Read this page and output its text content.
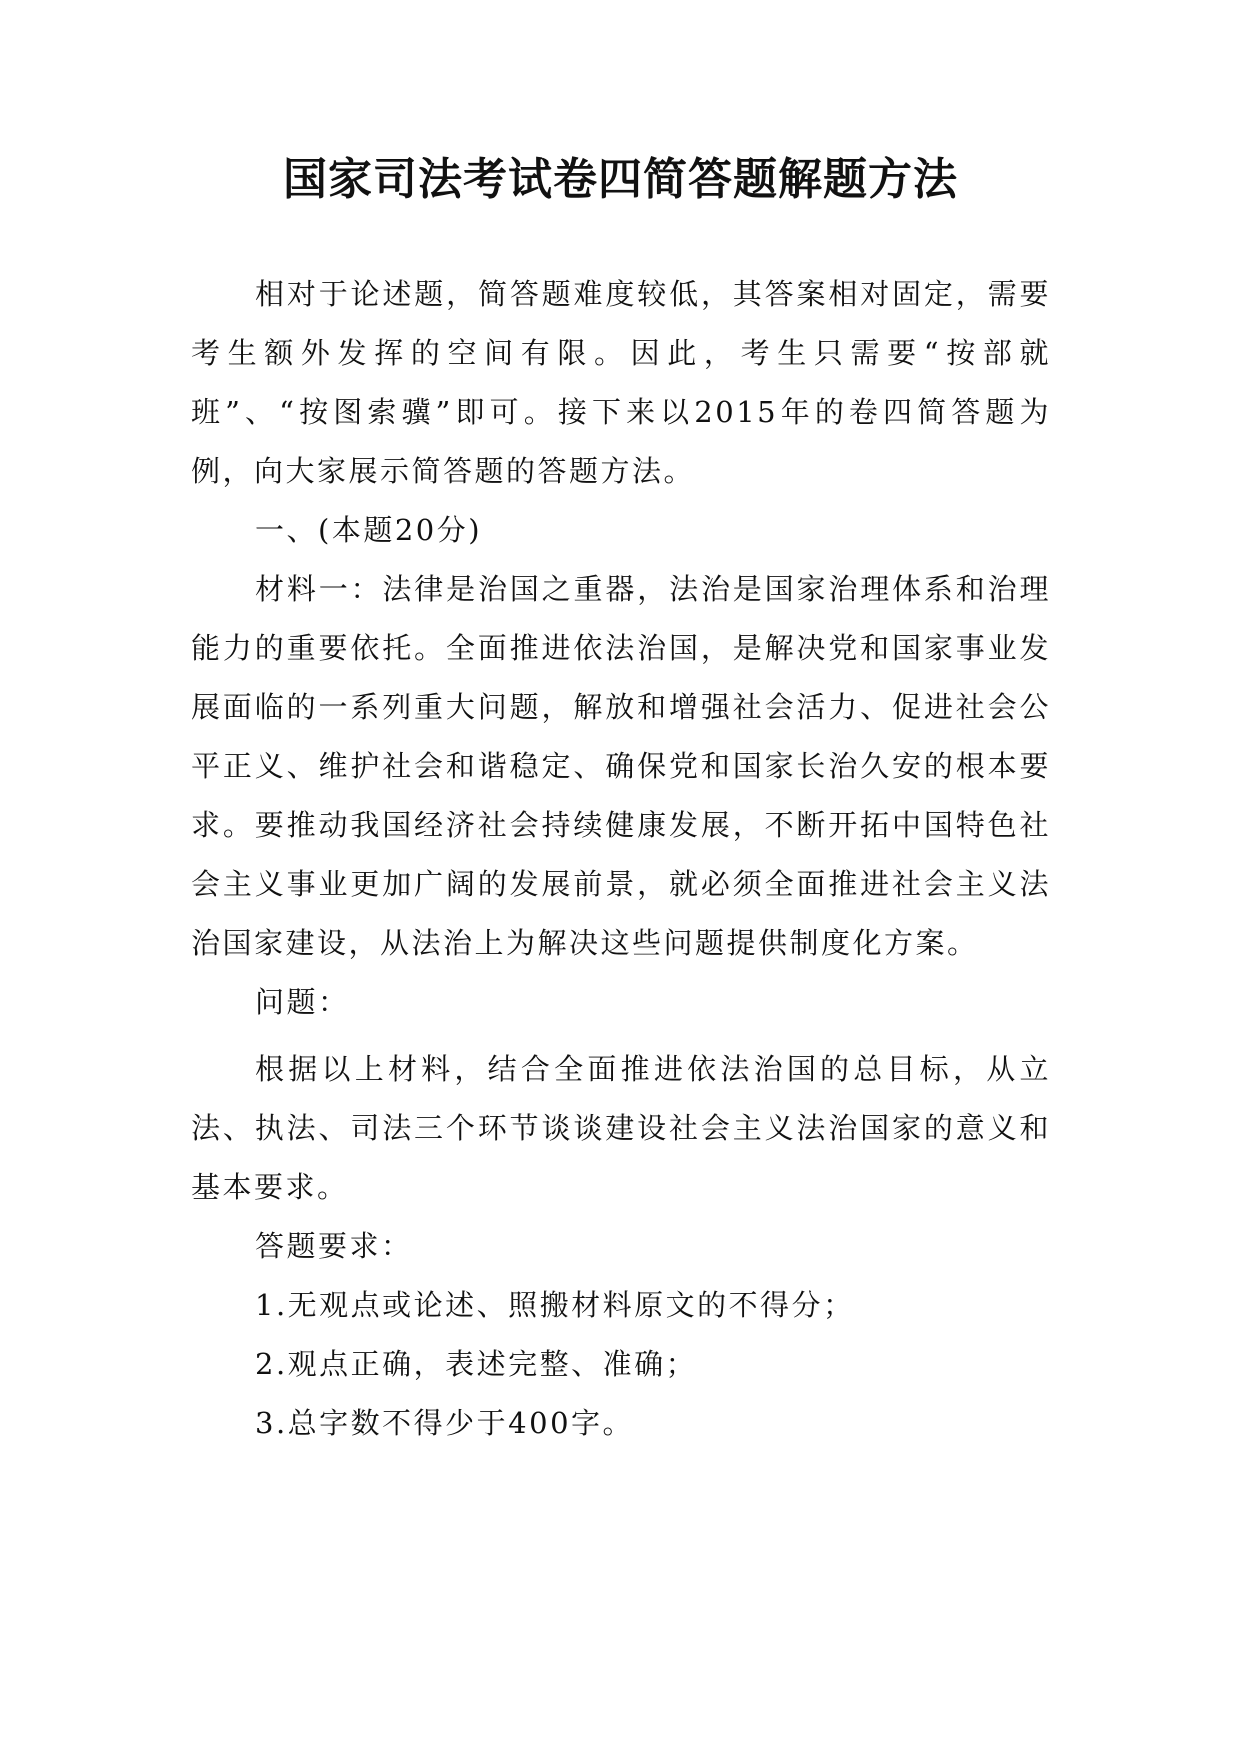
国家司法考试卷四简答题解题方法

相对于论述题，简答题难度较低，其答案相对固定，需要考生额外发挥的空间有限。因此，考生只需要“按部就班”、“按图索骥”即可。接下来以2015年的卷四简答题为例，向大家展示简答题的答题方法。

一、(本题20分)

材料一：法律是治国之重器，法治是国家治理体系和治理能力的重要依托。全面推进依法治国，是解决党和国家事业发展面临的一系列重大问题，解放和增强社会活力、促进社会公平正义、维护社会和谐稳定、确保党和国家长治久安的根本要求。要推动我国经济社会持续健康发展，不断开拓中国特色社会主义事业更加广阔的发展前景，就必须全面推进社会主义法治国家建设，从法治上为解决这些问题提供制度化方案。

问题：

根据以上材料，结合全面推进依法治国的总目标，从立法、执法、司法三个环节谈谈建设社会主义法治国家的意义和基本要求。

答题要求：

1.无观点或论述、照搬材料原文的不得分；

2.观点正确，表述完整、准确；

3.总字数不得少于400字。
